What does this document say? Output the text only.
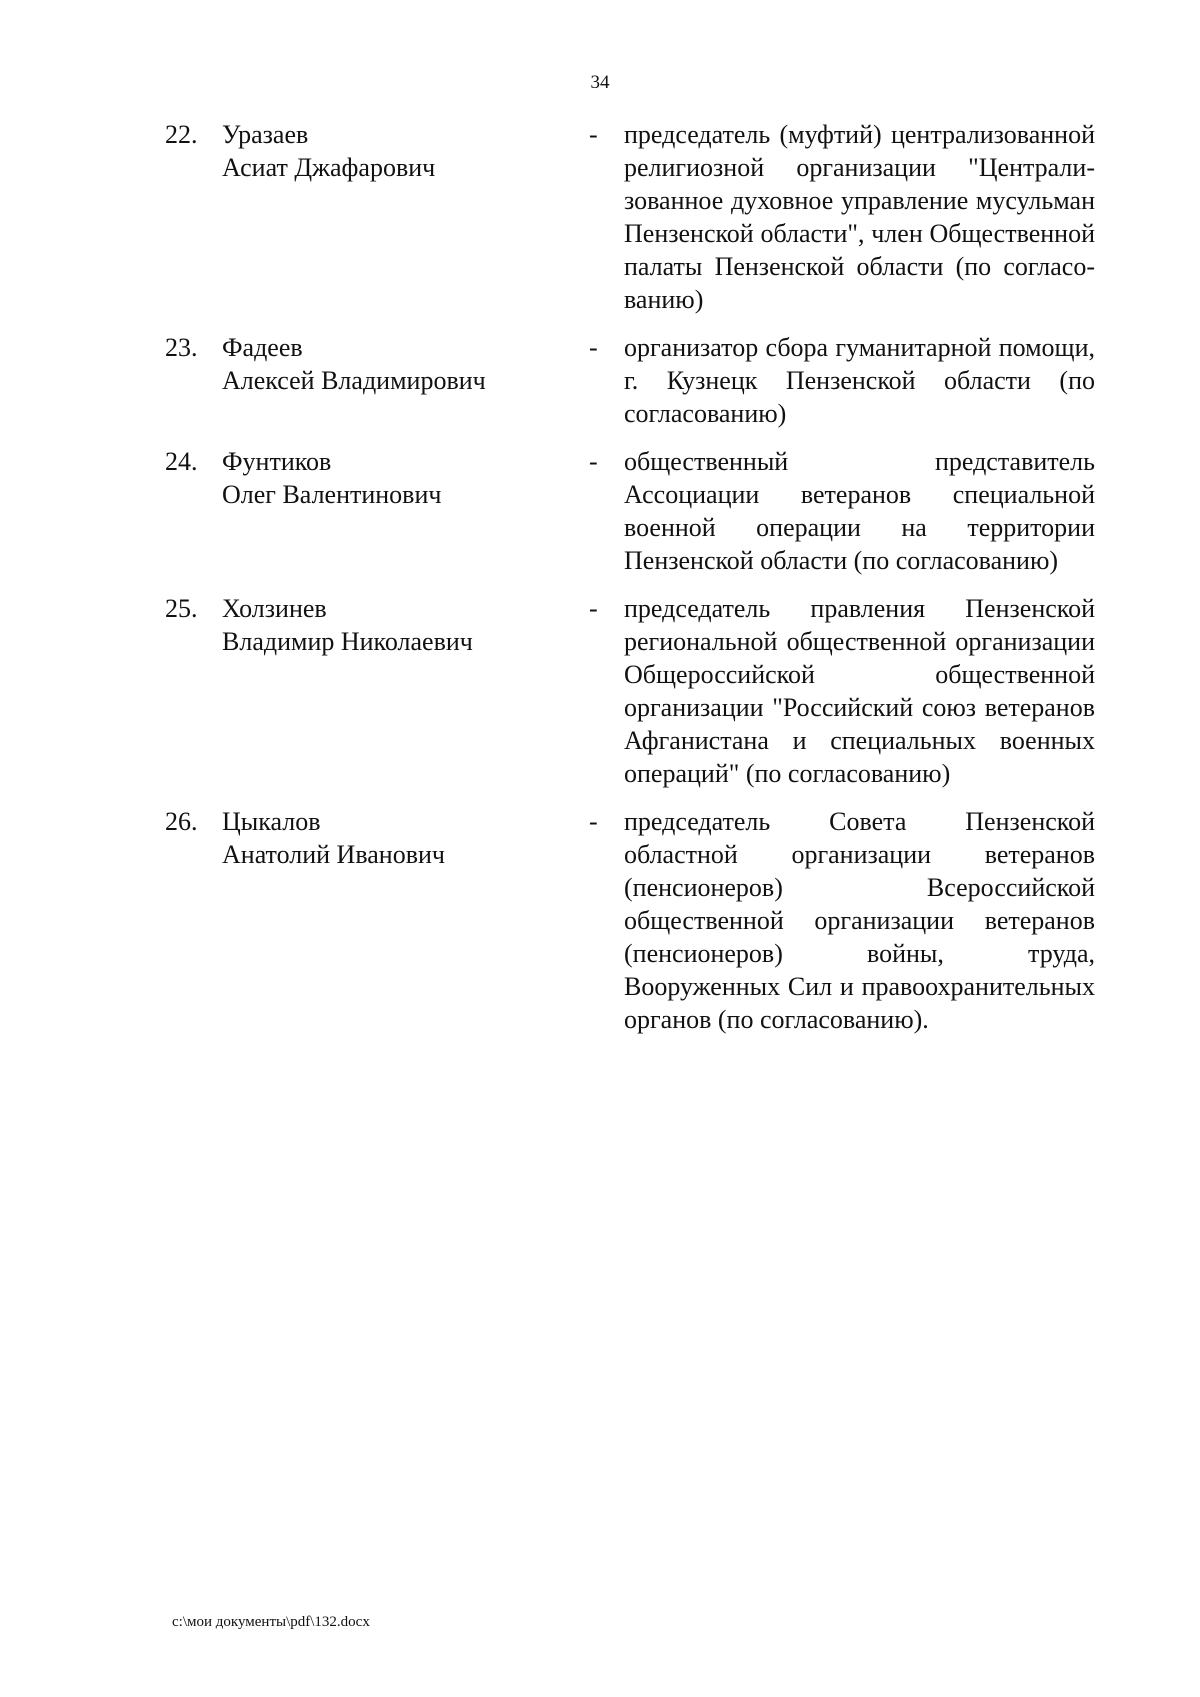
34
22. Уразаев
Асиат Джафарович
-	председатель (муфтий) централизованной религиозной организации "Централизованное духовное управление мусульман Пензенской области", член Общественной палаты Пензенской области (по согласованию)
23. Фадеев
Алексей Владимирович
-	организатор сбора гуманитарной помощи, г. Кузнецк Пензенской области (по согласованию)
24. Фунтиков
Олег Валентинович
-	общественный представитель Ассоциации ветеранов специальной военной операции на территории Пензенской области (по согласованию)
25. Холзинев
Владимир Николаевич
-	председатель правления Пензенской региональной общественной организации Общероссийской общественной организации "Российский союз ветеранов Афганистана и специальных военных операций" (по согласованию)
26. Цыкалов
Анатолий Иванович
-	председатель Совета Пензенской областной организации ветеранов (пенсионеров) Всероссийской общественной организации ветеранов (пенсионеров) войны, труда, Вооруженных Сил и правоохранительных органов (по согласованию).
c:\мои документы\pdf\132.docx
